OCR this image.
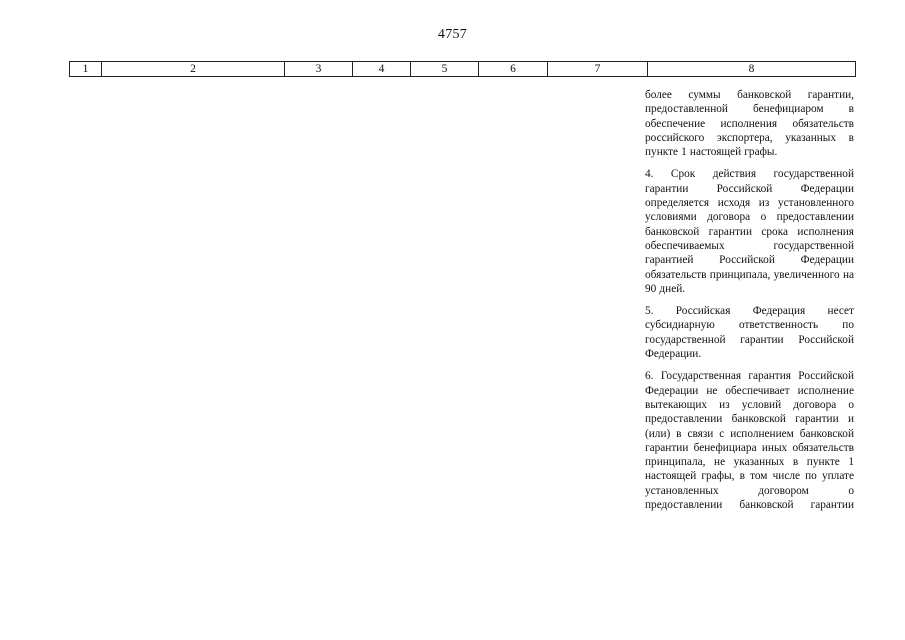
4757
1	2	3	4	5	6	7	8

более суммы банковской гарантии, предоставленной бенефициаром в обеспечение исполнения обязательств российского экспортера, указанных в пункте 1 настоящей графы.

4. Срок действия государственной гарантии Российской Федерации определяется исходя из установленного условиями договора о предоставлении банковской гарантии срока исполнения обеспечиваемых государственной гарантией Российской Федерации обязательств принципала, увеличенного на 90 дней.

5. Российская Федерация несет субсидиарную ответственность по государственной гарантии Российской Федерации.

6. Государственная гарантия Российской Федерации не обеспечивает исполнение вытекающих из условий договора о предоставлении банковской гарантии и (или) в связи с исполнением банковской гарантии бенефициара иных обязательств принципала, не указанных в пункте 1 настоящей графы, в том числе по уплате установленных договором о предоставлении банковской гарантии
